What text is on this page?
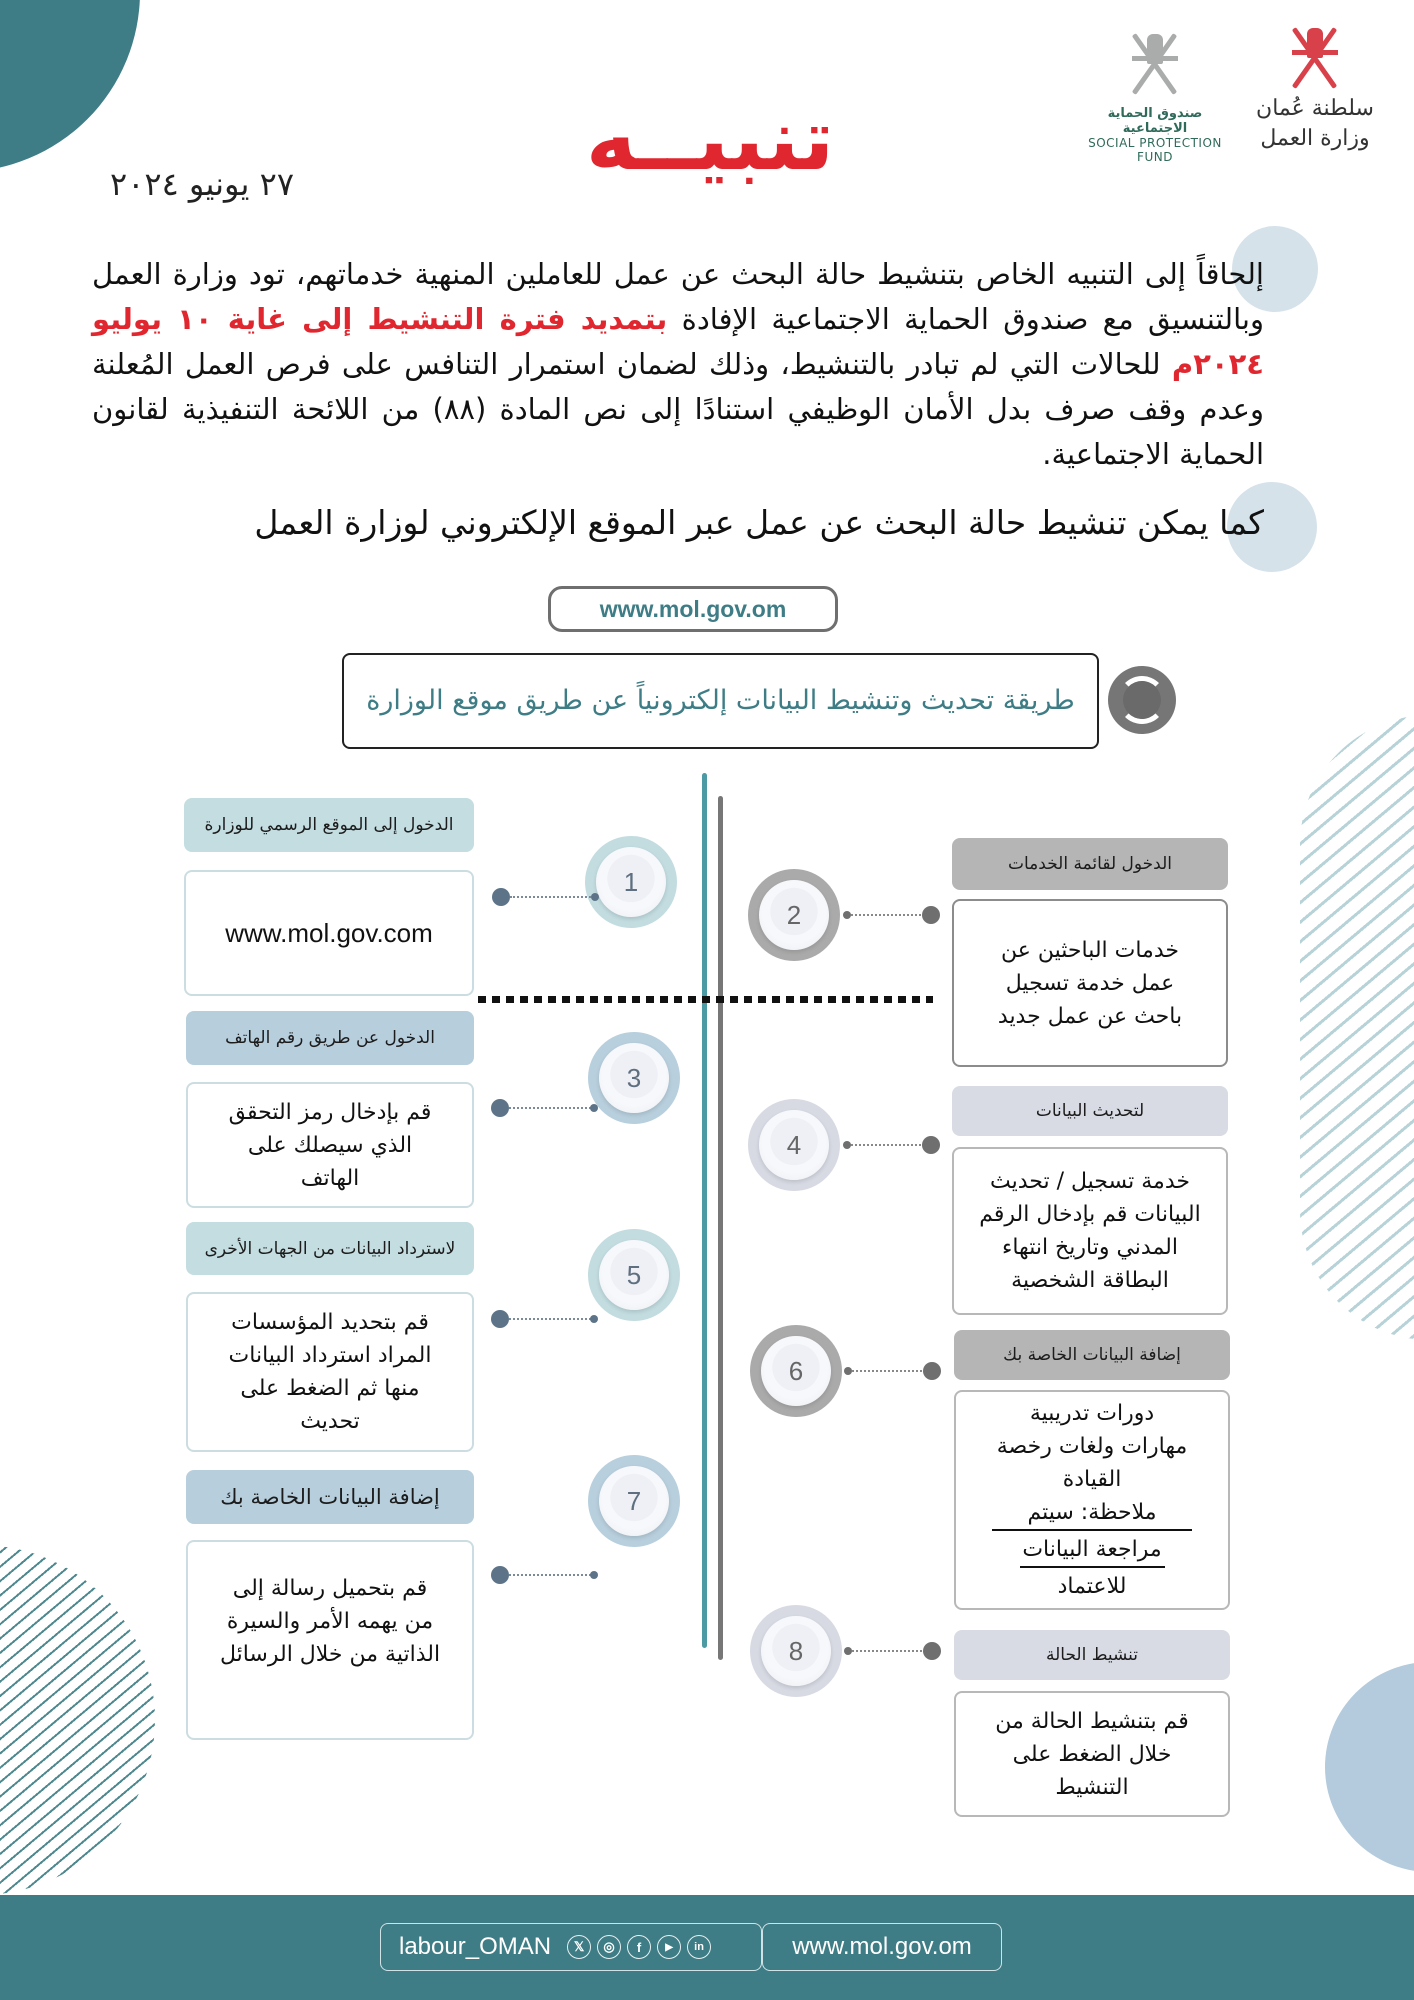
تنبيــه
٢٧ يونيو ٢٠٢٤
سلطنة عُمان
وزارة العمل
صندوق الحماية الاجتماعية
SOCIAL PROTECTION FUND
إلحاقاً إلى التنبيه الخاص بتنشيط حالة البحث عن عمل للعاملين المنهية خدماتهم، تود وزارة العمل وبالتنسيق مع صندوق الحماية الاجتماعية الإفادة بتمديد فترة التنشيط إلى غاية ١٠ يوليو ٢٠٢٤م للحالات التي لم تبادر بالتنشيط، وذلك لضمان استمرار التنافس على فرص العمل المُعلنة وعدم وقف صرف بدل الأمان الوظيفي استنادًا إلى نص المادة (٨٨) من اللائحة التنفيذية لقانون الحماية الاجتماعية.
كما يمكن تنشيط حالة البحث عن عمل عبر الموقع الإلكتروني لوزارة العمل
www.mol.gov.om
طريقة تحديث وتنشيط البيانات إلكترونياً عن طريق موقع الوزارة
الدخول إلى الموقع الرسمي للوزارة
www.mol.gov.com
1
الدخول عن طريق رقم الهاتف
قم بإدخال رمز التحقق
الذي سيصلك على
الهاتف
3
لاسترداد البيانات من الجهات الأخرى
قم بتحديد المؤسسات
المراد استرداد البيانات
منها ثم الضغط على
تحديث
5
إضافة البيانات الخاصة بك
قم بتحميل رسالة إلى
من يهمه الأمر والسيرة
الذاتية من خلال الرسائل
7
2
الدخول لقائمة الخدمات
خدمات الباحثين عن
عمل خدمة تسجيل
باحث عن عمل جديد
4
لتحديث البيانات
خدمة تسجيل / تحديث
البيانات قم بإدخال الرقم
المدني وتاريخ انتهاء
البطاقة الشخصية
6
إضافة البيانات الخاصة بك
دورات تدريبية
مهارات ولغات رخصة
القيادة
ملاحظة: سيتم
مراجعة البيانات
للاعتماد
8	تنشيط الحالة
قم بتنشيط الحالة من
خلال الضغط على
التنشيط
labour_OMAN	𝕏	◎	f	▶	in	www.mol.gov.om
